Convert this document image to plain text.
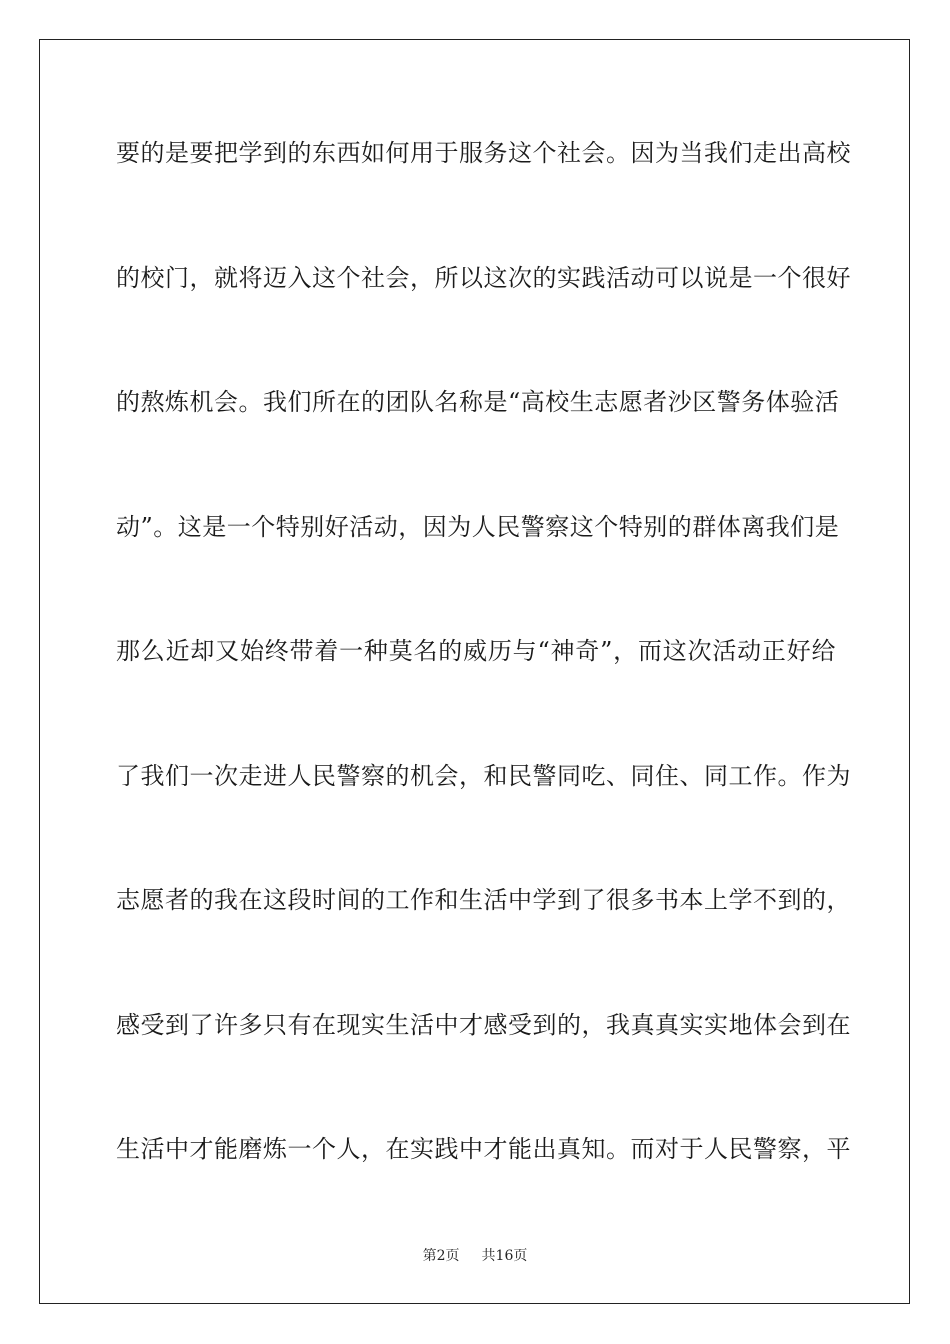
要的是要把学到的东西如何用于服务这个社会。因为当我们走出高校
的校门，就将迈入这个社会，所以这次的实践活动可以说是一个很好
的熬炼机会。我们所在的团队名称是“高校生志愿者沙区警务体验活
动”。这是一个特别好活动，因为人民警察这个特别的群体离我们是
那么近却又始终带着一种莫名的威历与“神奇”，而这次活动正好给
了我们一次走进人民警察的机会，和民警同吃、同住、同工作。作为
志愿者的我在这段时间的工作和生活中学到了很多书本上学不到的，
感受到了许多只有在现实生活中才感受到的，我真真实实地体会到在
生活中才能磨炼一个人，在实践中才能出真知。而对于人民警察，平
第2页 共16页
